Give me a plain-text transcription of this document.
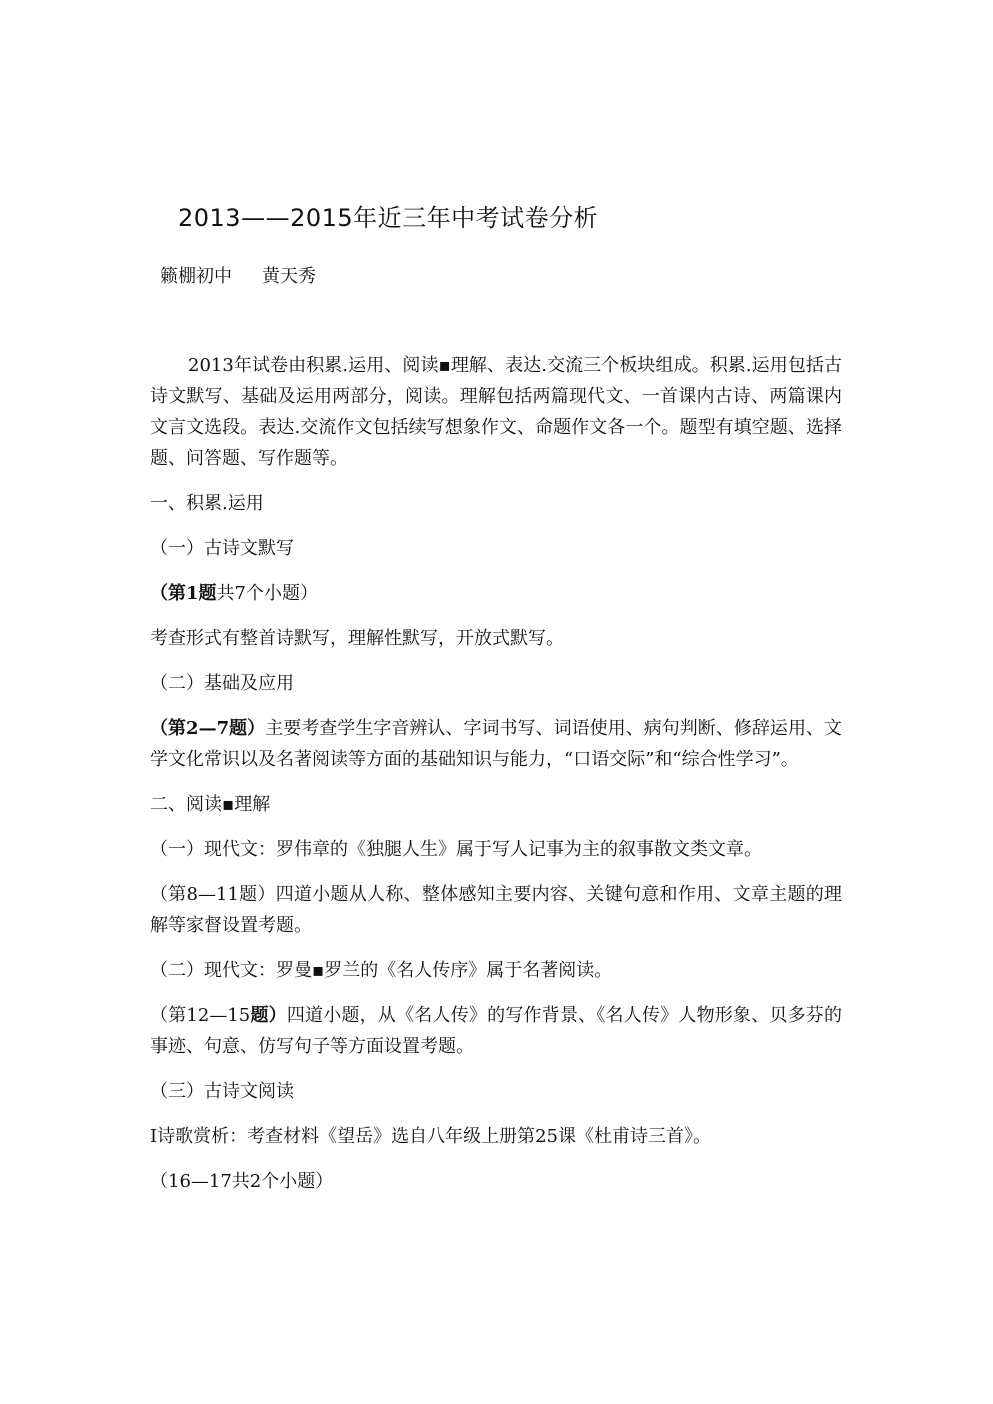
2013——2015年近三年中考试卷分析
籁棚初中 黄天秀

2013年试卷由积累.运用、阅读▪理解、表达.交流三个板块组成。积累.运用包括古诗文默写、基础及运用两部分，阅读。理解包括两篇现代文、一首课内古诗、两篇课内文言文选段。表达.交流作文包括续写想象作文、命题作文各一个。题型有填空题、选择题、问答题、写作题等。

一、积累.运用

（一）古诗文默写

（第1题共7个小题）

考查形式有整首诗默写，理解性默写，开放式默写。

（二）基础及应用

（第2—7题）主要考查学生字音辨认、字词书写、词语使用、病句判断、修辞运用、文学文化常识以及名著阅读等方面的基础知识与能力，“口语交际”和“综合性学习”。

二、阅读▪理解

（一）现代文：罗伟章的《独腿人生》属于写人记事为主的叙事散文类文章。

（第8—11题）四道小题从人称、整体感知主要内容、关键句意和作用、文章主题的理解等家督设置考题。

（二）现代文：罗曼▪罗兰的《名人传序》属于名著阅读。

（第12—15题）四道小题，从《名人传》的写作背景、《名人传》人物形象、贝多芬的事迹、句意、仿写句子等方面设置考题。

（三）古诗文阅读

Ⅰ诗歌赏析：考查材料《望岳》选自八年级上册第25课《杜甫诗三首》。

（16—17共2个小题）
